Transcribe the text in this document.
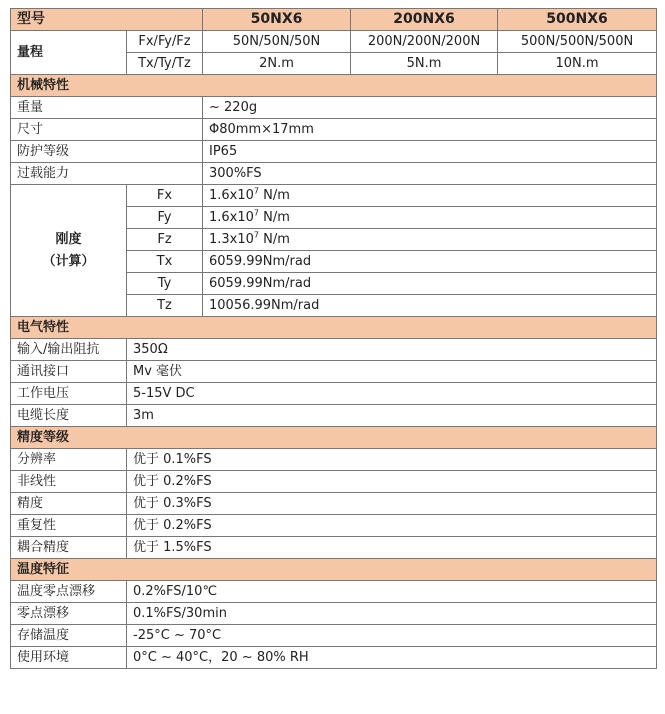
型号		50NX6	200NX6	500NX6
量程	Fx/Fy/Fz	50N/50N/50N	200N/200N/200N	500N/500N/500N
	Tx/Ty/Tz	2N.m	5N.m	10N.m
机械特性				
重量		~ 220g		
尺寸		Φ80mm×17mm		
防护等级		IP65		
过载能力		300%FS		
刚度
（计算）	Fx	$1.6x10^7$ N/m		
	Fy	$1.6x10^7$ N/m		
	Fz	$1.3x10^7$ N/m		
	Tx	6059.99Nm/rad		
	Ty	6059.99Nm/rad		
	Tz	10056.99Nm/rad		
电气特性				
输入/输出阻抗	350Ω			
通讯接口	Mv 毫伏			
工作电压	5-15V DC			
电缆长度	3m			
精度等级				
分辨率	优于 0.1%FS			
非线性	优于 0.2%FS			
精度	优于 0.3%FS			
重复性	优于 0.2%FS			
耦合精度	优于 1.5%FS			
温度特征				
温度零点漂移	0.2%FS/10℃			
零点漂移	0.1%FS/30min			
存储温度	-25°C ~ 70°C			
使用环境	0°C ~ 40°C，20 ~ 80% RH			
